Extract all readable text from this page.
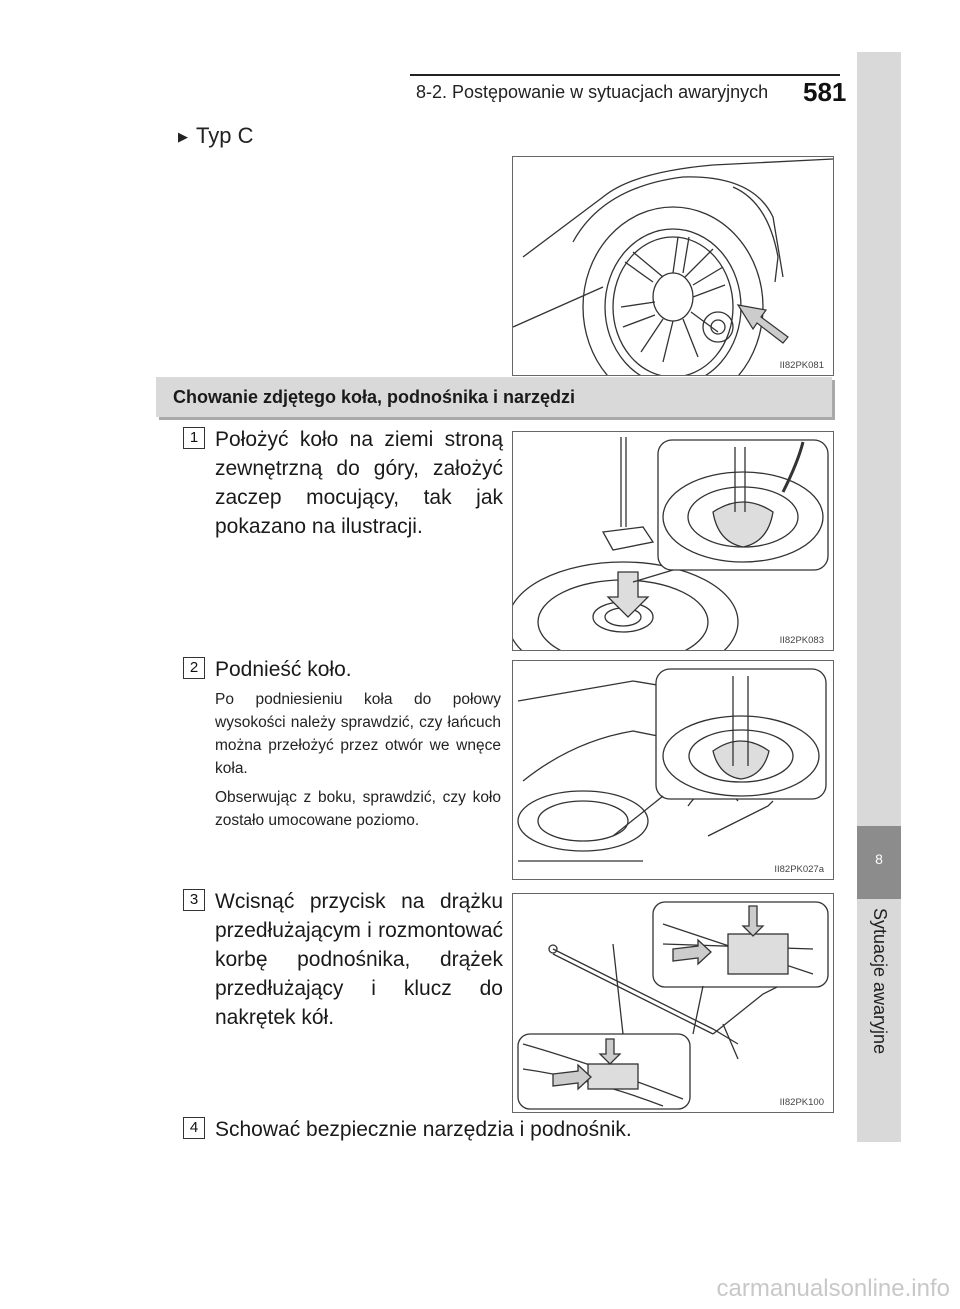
8-2. Postępowanie w sytuacjach awaryjnych 581
8
Sytuacje awaryjne
▶ Typ C
II82PK081
Chowanie zdjętego koła, podnośnika i narzędzi
1 Położyć koło na ziemi stroną zewnętrzną do góry, założyć zaczep mocujący, tak jak pokazano na ilustracji.
II82PK083
2 Podnieść koło.
Po podniesieniu koła do połowy wysokości należy sprawdzić, czy łańcuch można przełożyć przez otwór we wnęce koła.
Obserwując z boku, sprawdzić, czy koło zostało umocowane poziomo.
II82PK027a
3 Wcisnąć przycisk na drążku przedłużającym i rozmontować korbę podnośnika, drążek przedłużający i klucz do nakrętek kół.
II82PK100
4 Schować bezpiecznie narzędzia i podnośnik.
carmanualsonline.info
